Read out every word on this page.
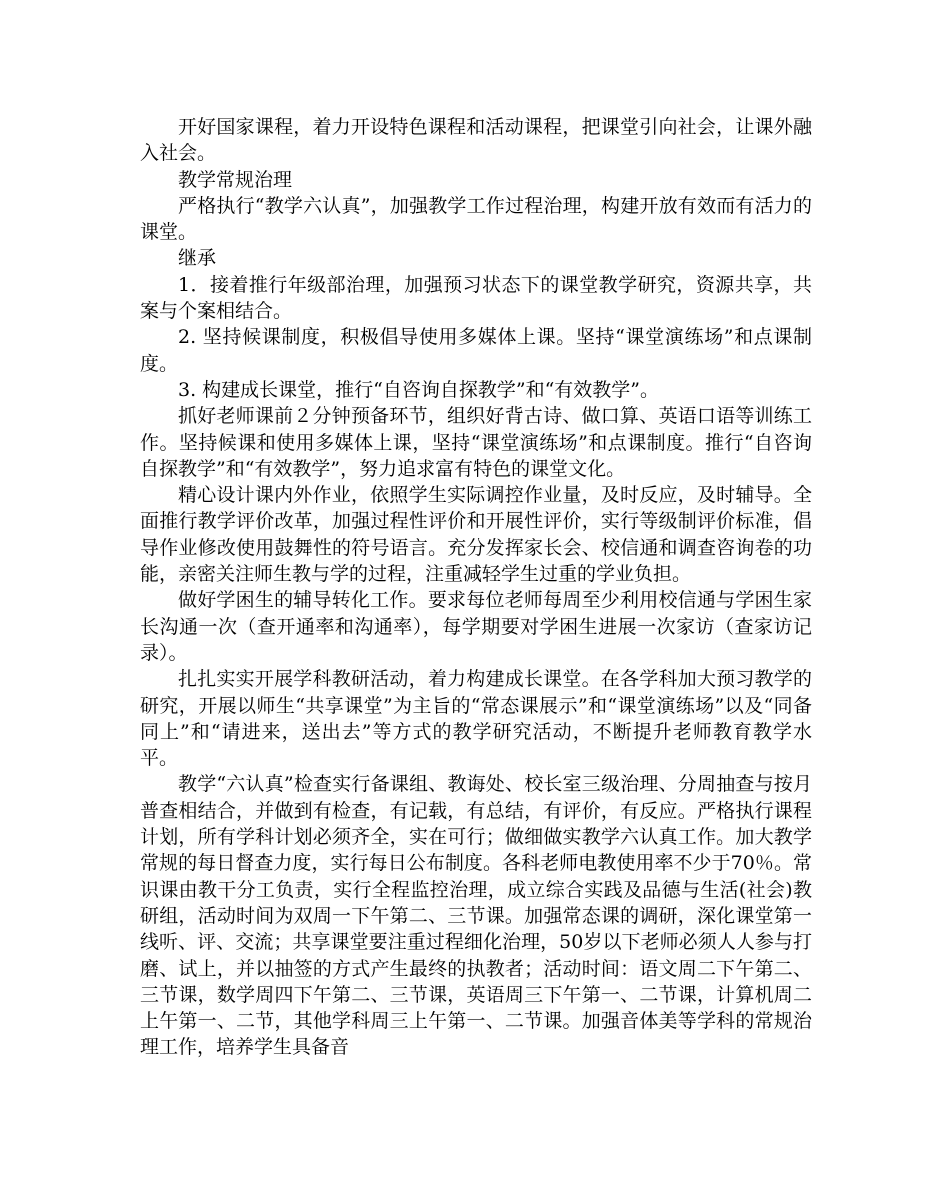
开好国家课程，着力开设特色课程和活动课程，把课堂引向社会，让课外融入社会。

教学常规治理

严格执行“教学六认真”，加强教学工作过程治理，构建开放有效而有活力的课堂。

继承

1．接着推行年级部治理，加强预习状态下的课堂教学研究，资源共享，共案与个案相结合。

2. 坚持候课制度，积极倡导使用多媒体上课。坚持“课堂演练场”和点课制度。

3. 构建成长课堂，推行“自咨询自探教学”和“有效教学”。

抓好老师课前２分钟预备环节，组织好背古诗、做口算、英语口语等训练工作。坚持候课和使用多媒体上课，坚持“课堂演练场”和点课制度。推行“自咨询自探教学”和“有效教学”，努力追求富有特色的课堂文化。

精心设计课内外作业，依照学生实际调控作业量，及时反应，及时辅导。全面推行教学评价改革，加强过程性评价和开展性评价，实行等级制评价标准，倡导作业修改使用鼓舞性的符号语言。充分发挥家长会、校信通和调查咨询卷的功能，亲密关注师生教与学的过程，注重减轻学生过重的学业负担。

做好学困生的辅导转化工作。要求每位老师每周至少利用校信通与学困生家长沟通一次（查开通率和沟通率），每学期要对学困生进展一次家访（查家访记录）。

扎扎实实开展学科教研活动，着力构建成长课堂。在各学科加大预习教学的研究，开展以师生“共享课堂”为主旨的“常态课展示”和“课堂演练场”以及“同备同上”和“请进来，送出去”等方式的教学研究活动，不断提升老师教育教学水平。

教学“六认真”检查实行备课组、教诲处、校长室三级治理、分周抽查与按月普查相结合，并做到有检查，有记载，有总结，有评价，有反应。严格执行课程计划，所有学科计划必须齐全，实在可行；做细做实教学六认真工作。加大教学常规的每日督查力度，实行每日公布制度。各科老师电教使用率不少于70％。常识课由教干分工负责，实行全程监控治理，成立综合实践及品德与生活(社会)教研组，活动时间为双周一下午第二、三节课。加强常态课的调研，深化课堂第一线听、评、交流；共享课堂要注重过程细化治理，50岁以下老师必须人人参与打磨、试上，并以抽签的方式产生最终的执教者；活动时间：语文周二下午第二、三节课，数学周四下午第二、三节课，英语周三下午第一、二节课，计算机周二上午第一、二节，其他学科周三上午第一、二节课。加强音体美等学科的常规治理工作，培养学生具备音
